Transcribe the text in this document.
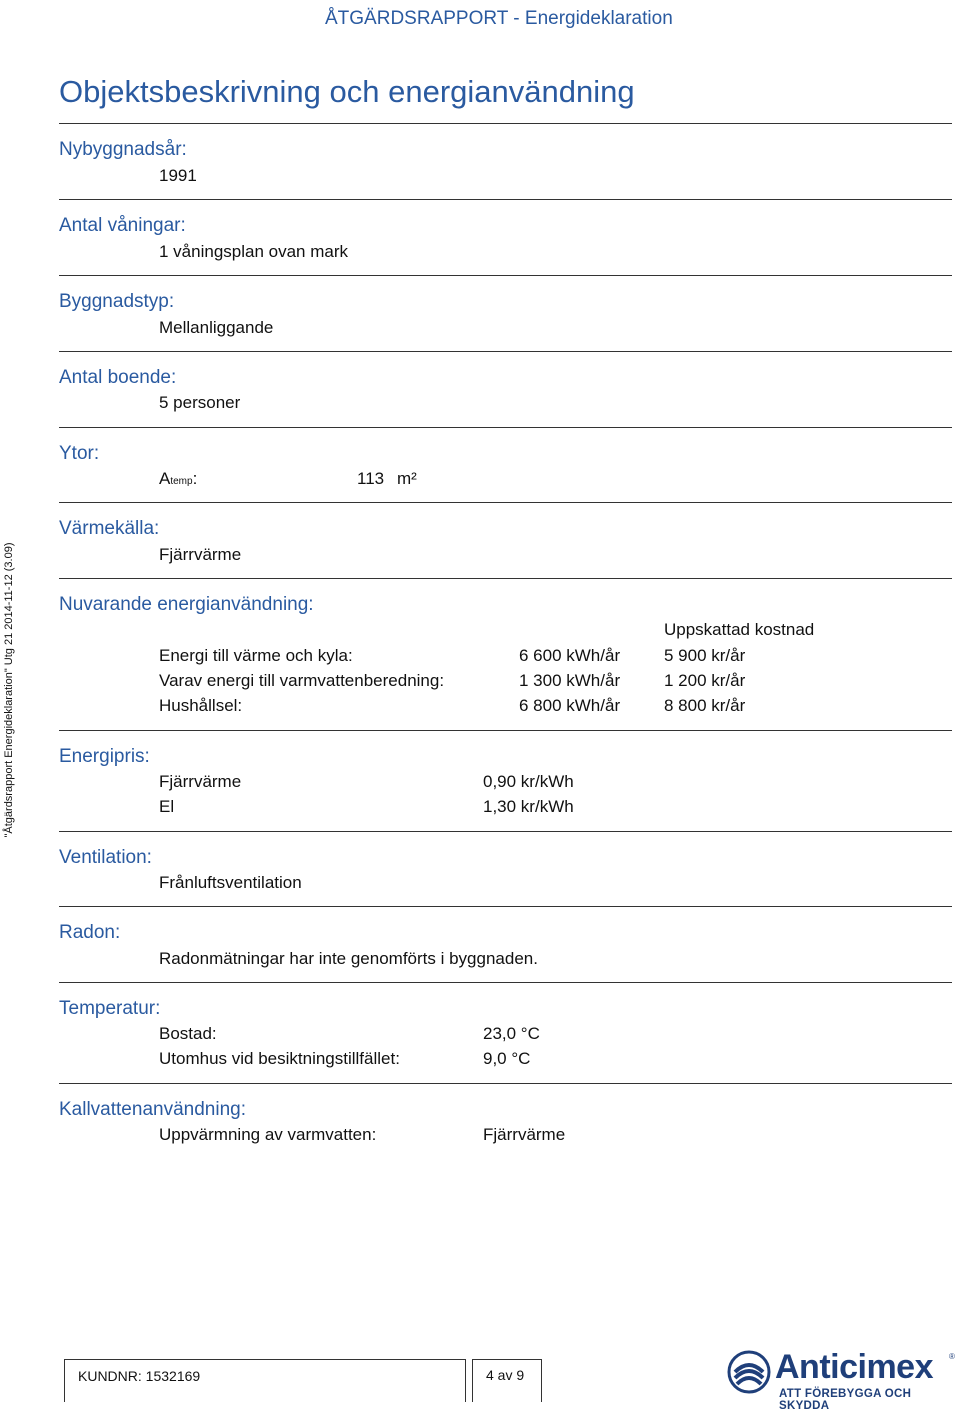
ÅTGÄRDSRAPPORT - Energideklaration
Objektsbeskrivning och energianvändning
"Åtgärdsrapport Energideklaration" Utg 21 2014-11-12 (3.09)
Nybyggnadsår:
1991
Antal våningar:
1 våningsplan ovan mark
Byggnadstyp:
Mellanliggande
Antal boende:
5 personer
Ytor:
Atemp:	113 m²
Värmekälla:
Fjärrvärme
Nuvarande energianvändning:
Uppskattad kostnad
Energi till värme och kyla:	6 600 kWh/år	5 900 kr/år
Varav energi till varmvattenberedning:	1 300 kWh/år	1 200 kr/år
Hushållsel:	6 800 kWh/år	8 800 kr/år
Energipris:
Fjärrvärme	0,90 kr/kWh
El	1,30 kr/kWh
Ventilation:
Frånluftsventilation
Radon:
Radonmätningar har inte genomförts i byggnaden.
Temperatur:
Bostad:	23,0 °C
Utomhus vid besiktningstillfället:	9,0 °C
Kallvattenanvändning:
Uppvärmning av varmvatten:	Fjärrvärme
KUNDNR: 1532169	4 av 9	Anticimex ®
ATT FÖREBYGGA OCH SKYDDA
